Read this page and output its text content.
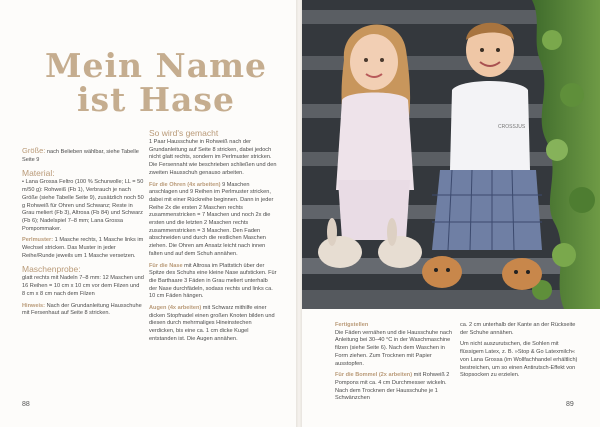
Mein Name
ist Hase

Größe: nach Belieben wählbar, siehe Tabelle Seite 9

Material:

• Lana Grossa Feltro (100 % Schurwolle; LL = 50 m/50 g): Rohweiß (Fb 1), Verbrauch je nach Größe (siehe Tabelle Seite 9), zusätzlich noch 50 g Rohweiß für Ohren und Schwanz; Reste in Grau meliert (Fb 3), Altrosa (Fb 84) und Schwarz (Fb 6); Nadelspiel 7–8 mm; Lana Grossa Pompommaker.

Perlmuster: 1 Masche rechts, 1 Masche links im Wechsel stricken. Das Muster in jeder Reihe/Runde jeweils um 1 Masche versetzen.

Maschenprobe:

glatt rechts mit Nadeln 7–8 mm: 12 Maschen und 16 Reihen = 10 cm x 10 cm vor dem Filzen und 8 cm x 8 cm nach dem Filzen

Hinweis: Nach der Grundanleitung Hausschuhe mit Fersenhaut auf Seite 8 stricken.

So wird's gemacht

1 Paar Hausschuhe in Rohweiß nach der Grundanleitung auf Seite 8 stricken, dabei jedoch nicht glatt rechts, sondern im Perlmuster stricken. Die Fersennaht wie beschrieben schließen und den zweiten Hausschuh genauso arbeiten.

Für die Ohren (4x arbeiten) 9 Maschen anschlagen und 9 Reihen im Perlmuster stricken, dabei mit einer Rückreihe beginnen. Dann in jeder Reihe 2x die ersten 2 Maschen rechts zusammenstricken = 7 Maschen und noch 2x die ersten und die letzten 2 Maschen rechts zusammenstricken = 3 Maschen. Den Faden abschneiden und durch die restlichen Maschen ziehen. Die Ohren am Ansatz leicht nach innen falten und auf dem Schuh annähen.

Für die Nase mit Altrosa im Plattstich über der Spitze des Schuhs eine kleine Nase aufsticken. Für die Barthaare 3 Fäden in Grau meliert unterhalb der Nase durchfädeln, sodass rechts und links ca. 10 cm Fäden hängen.

Augen (4x arbeiten) mit Schwarz mithilfe einer dicken Stopfnadel einen großen Knoten bilden und diesen durch mehrmaliges Hineinstechen verdicken, bis eine ca. 1 cm dicke Kugel entstanden ist. Die Augen annähen.

88
CROSSJUS
Fertigstellen

Die Fäden vernähen und die Hausschuhe nach Anleitung bei 30–40 °C in der Waschmaschine filzen (siehe Seite 6). Nach dem Waschen in Form ziehen. Zum Trocknen mit Papier ausstopfen.

Für die Bommel (2x arbeiten) mit Rohweiß 2 Pompons mit ca. 4 cm Durchmesser wickeln. Nach dem Trocknen der Hausschuhe je 1 Schwänzchen

ca. 2 cm unterhalb der Kante an der Rückseite der Schuhe annähen.

Um nicht auszurutschen, die Sohlen mit flüssigem Latex, z. B. »Stop & Go Latexmilch« von Lana Grossa (im Wollfachhandel erhältlich) bestreichen, um so einen Antirutsch-Effekt von Stopsocken zu erzielen.

89
